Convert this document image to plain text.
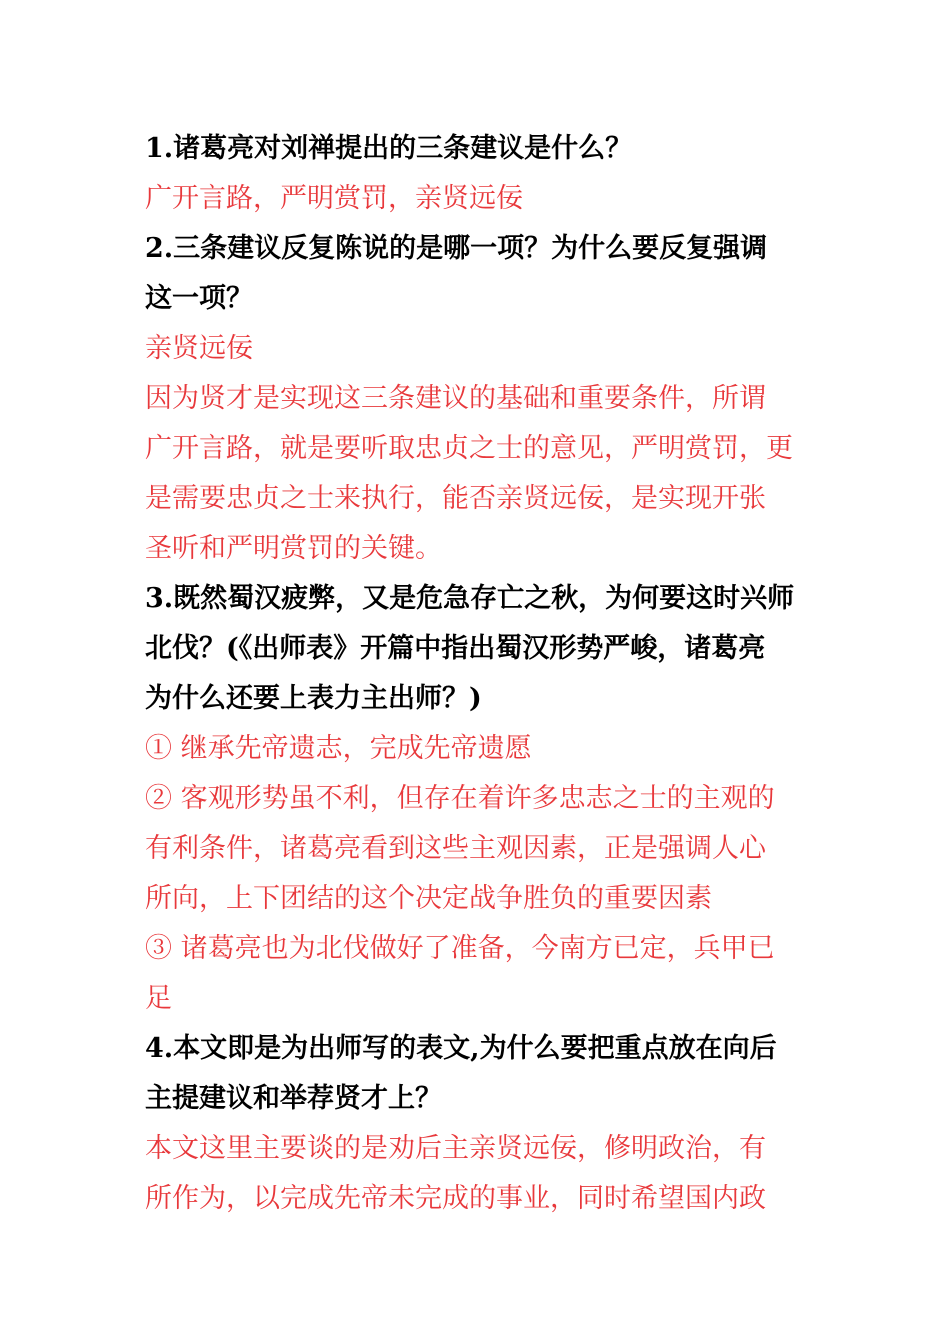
1.诸葛亮对刘禅提出的三条建议是什么？

广开言路，严明赏罚，亲贤远佞

2.三条建议反复陈说的是哪一项？为什么要反复强调

这一项？

亲贤远佞

因为贤才是实现这三条建议的基础和重要条件，所谓

广开言路，就是要听取忠贞之士的意见，严明赏罚，更

是需要忠贞之士来执行，能否亲贤远佞，是实现开张

圣听和严明赏罚的关键。

3.既然蜀汉疲弊，又是危急存亡之秋，为何要这时兴师

北伐？(《出师表》开篇中指出蜀汉形势严峻，诸葛亮

为什么还要上表力主出师？)

① 继承先帝遗志，完成先帝遗愿

② 客观形势虽不利，但存在着许多忠志之士的主观的

有利条件，诸葛亮看到这些主观因素，正是强调人心

所向，上下团结的这个决定战争胜负的重要因素

③ 诸葛亮也为北伐做好了准备，今南方已定，兵甲已

足

4.本文即是为出师写的表文,为什么要把重点放在向后

主提建议和举荐贤才上？

本文这里主要谈的是劝后主亲贤远佞，修明政治，有

所作为，以完成先帝未完成的事业，同时希望国内政
